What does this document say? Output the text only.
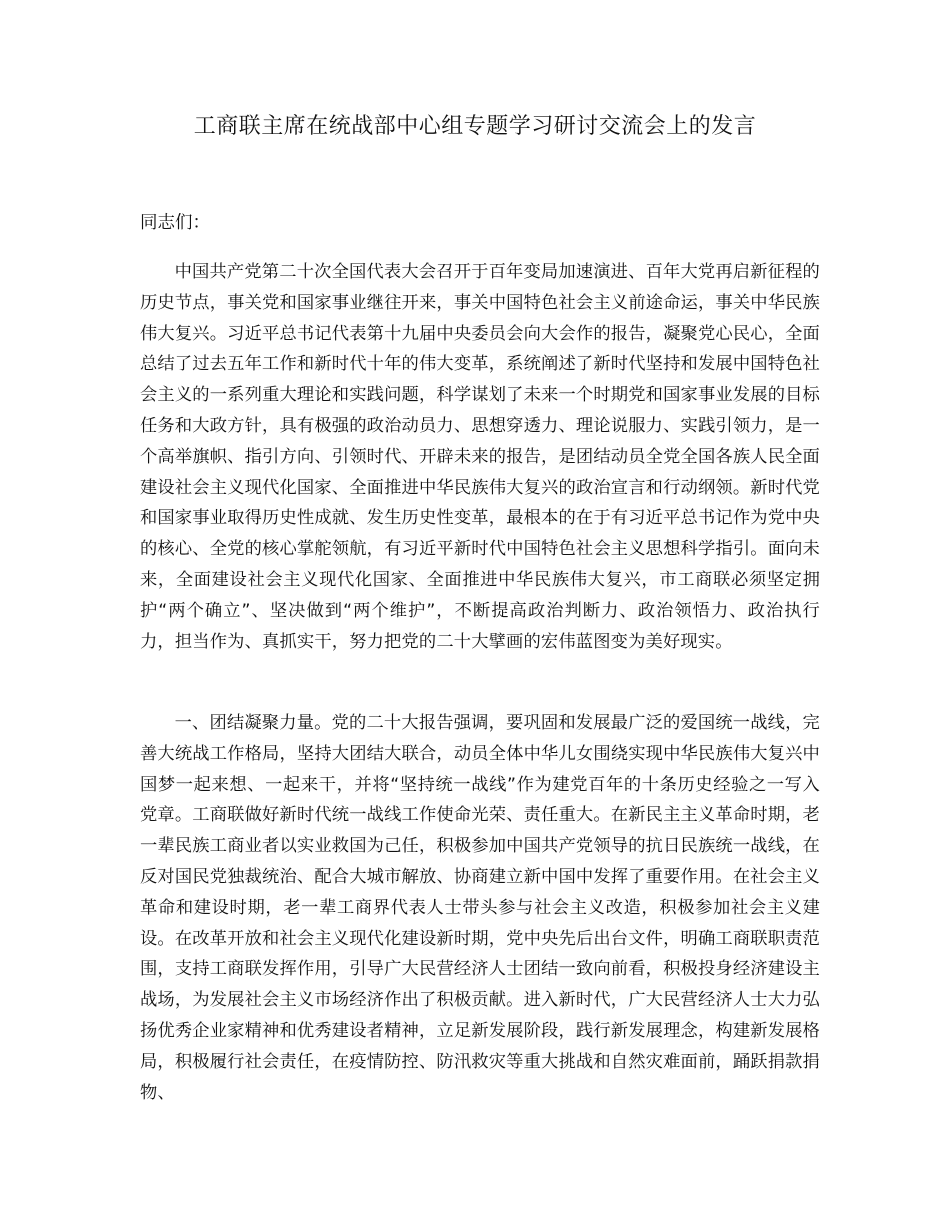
工商联主席在统战部中心组专题学习研讨交流会上的发言

同志们：

中国共产党第二十次全国代表大会召开于百年变局加速演进、百年大党再启新征程的历史节点，事关党和国家事业继往开来，事关中国特色社会主义前途命运，事关中华民族伟大复兴。习近平总书记代表第十九届中央委员会向大会作的报告，凝聚党心民心，全面总结了过去五年工作和新时代十年的伟大变革，系统阐述了新时代坚持和发展中国特色社会主义的一系列重大理论和实践问题，科学谋划了未来一个时期党和国家事业发展的目标任务和大政方针，具有极强的政治动员力、思想穿透力、理论说服力、实践引领力，是一个高举旗帜、指引方向、引领时代、开辟未来的报告，是团结动员全党全国各族人民全面建设社会主义现代化国家、全面推进中华民族伟大复兴的政治宣言和行动纲领。新时代党和国家事业取得历史性成就、发生历史性变革，最根本的在于有习近平总书记作为党中央的核心、全党的核心掌舵领航，有习近平新时代中国特色社会主义思想科学指引。面向未来，全面建设社会主义现代化国家、全面推进中华民族伟大复兴，市工商联必须坚定拥护“两个确立”、坚决做到“两个维护”，不断提高政治判断力、政治领悟力、政治执行力，担当作为、真抓实干，努力把党的二十大擘画的宏伟蓝图变为美好现实。

一、团结凝聚力量。党的二十大报告强调，要巩固和发展最广泛的爱国统一战线，完善大统战工作格局，坚持大团结大联合，动员全体中华儿女围绕实现中华民族伟大复兴中国梦一起来想、一起来干，并将“坚持统一战线”作为建党百年的十条历史经验之一写入党章。工商联做好新时代统一战线工作使命光荣、责任重大。在新民主主义革命时期，老一辈民族工商业者以实业救国为己任，积极参加中国共产党领导的抗日民族统一战线，在反对国民党独裁统治、配合大城市解放、协商建立新中国中发挥了重要作用。在社会主义革命和建设时期，老一辈工商界代表人士带头参与社会主义改造，积极参加社会主义建设。在改革开放和社会主义现代化建设新时期，党中央先后出台文件，明确工商联职责范围，支持工商联发挥作用，引导广大民营经济人士团结一致向前看，积极投身经济建设主战场，为发展社会主义市场经济作出了积极贡献。进入新时代，广大民营经济人士大力弘扬优秀企业家精神和优秀建设者精神，立足新发展阶段，践行新发展理念，构建新发展格局，积极履行社会责任，在疫情防控、防汛救灾等重大挑战和自然灾难面前，踊跃捐款捐物、
